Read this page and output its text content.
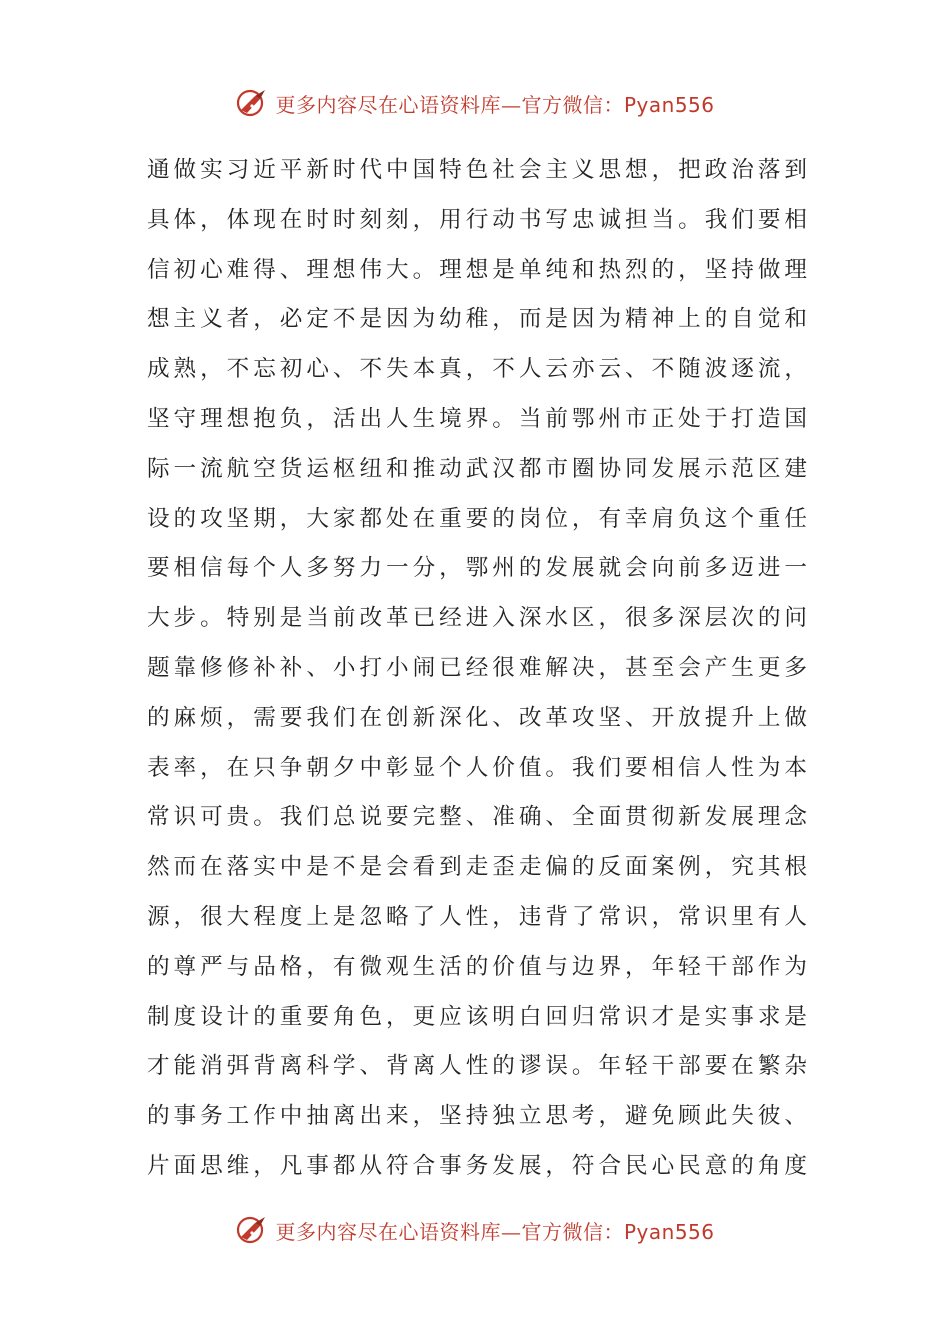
更多内容尽在心语资料库—官方微信：Pyan556
通做实习近平新时代中国特色社会主义思想，把政治落到
具体，体现在时时刻刻，用行动书写忠诚担当。我们要相
信初心难得、理想伟大。理想是单纯和热烈的，坚持做理
想主义者，必定不是因为幼稚，而是因为精神上的自觉和
成熟，不忘初心、不失本真，不人云亦云、不随波逐流，
坚守理想抱负，活出人生境界。当前鄂州市正处于打造国
际一流航空货运枢纽和推动武汉都市圈协同发展示范区建
设的攻坚期，大家都处在重要的岗位，有幸肩负这个重任
要相信每个人多努力一分，鄂州的发展就会向前多迈进一
大步。特别是当前改革已经进入深水区，很多深层次的问
题靠修修补补、小打小闹已经很难解决，甚至会产生更多
的麻烦，需要我们在创新深化、改革攻坚、开放提升上做
表率，在只争朝夕中彰显个人价值。我们要相信人性为本
常识可贵。我们总说要完整、准确、全面贯彻新发展理念
然而在落实中是不是会看到走歪走偏的反面案例，究其根
源，很大程度上是忽略了人性，违背了常识，常识里有人
的尊严与品格，有微观生活的价值与边界，年轻干部作为
制度设计的重要角色，更应该明白回归常识才是实事求是
才能消弭背离科学、背离人性的谬误。年轻干部要在繁杂
的事务工作中抽离出来，坚持独立思考，避免顾此失彼、
片面思维，凡事都从符合事务发展，符合民心民意的角度
更多内容尽在心语资料库—官方微信：Pyan556
